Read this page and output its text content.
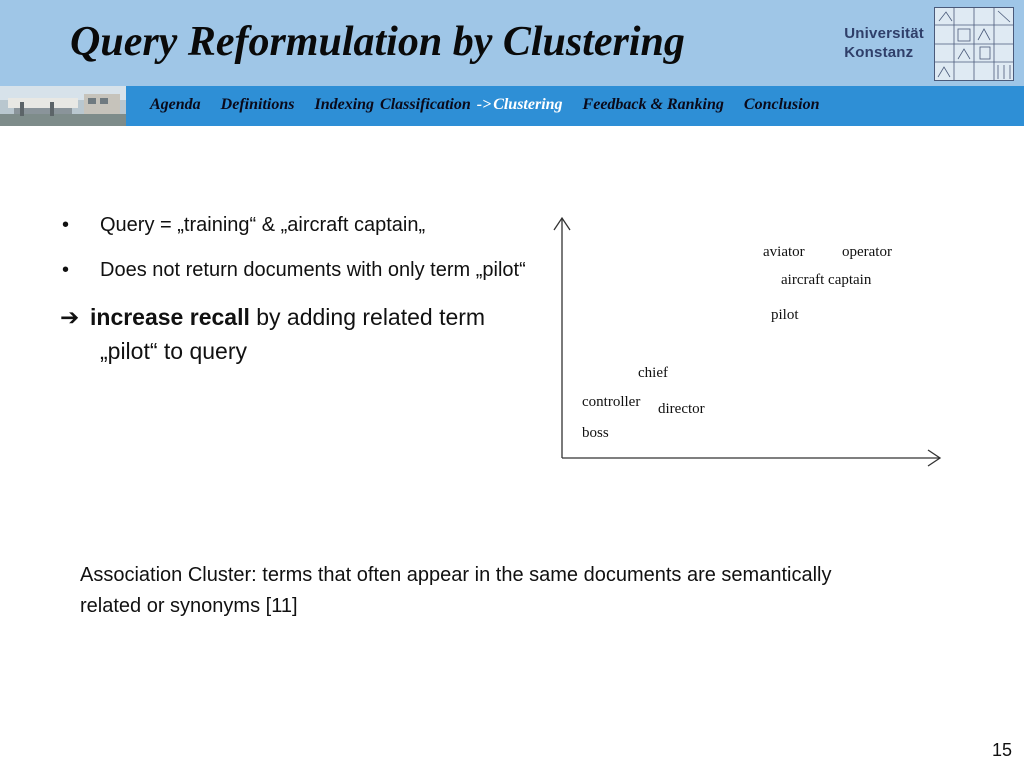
Query Reformulation by Clustering	Universität
Konstanz
Agenda Definitions Indexing Classification -> Clustering Feedback & Ranking Conclusion
• Query = „training“ & „aircraft captain„
• Does not return documents with only term „pilot“
➔ increase recall by adding related term „pilot“ to query
aviator operator
aircraft captain
pilot
chief
controller director
boss
Association Cluster: terms that often appear in the same documents are semantically related or synonyms [11]
15
